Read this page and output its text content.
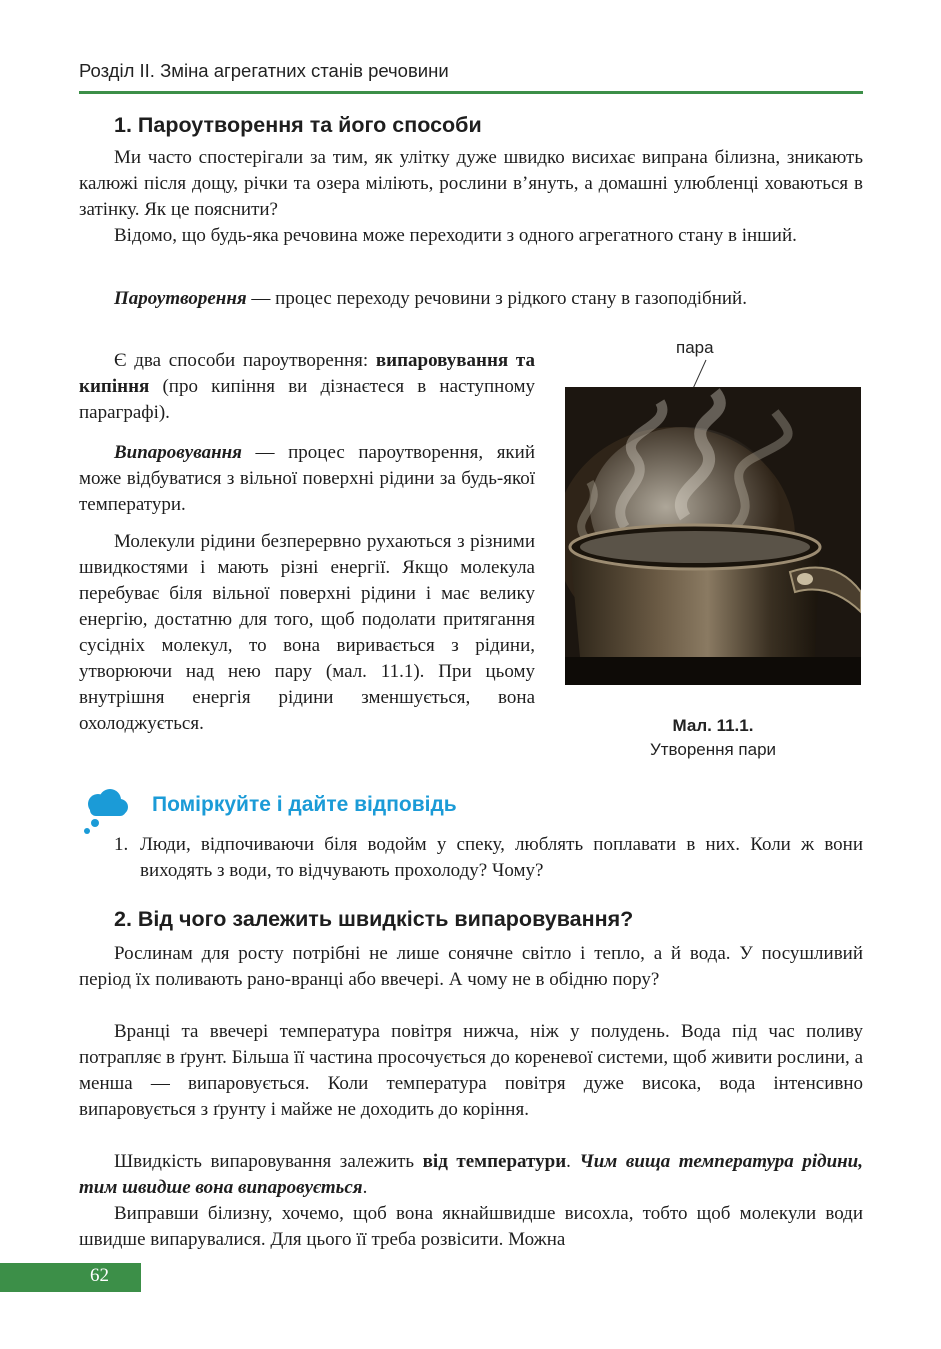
Розділ ІІ. Зміна агрегатних станів речовини
1. Пароутворення та його способи

Ми часто спостерігали за тим, як улітку дуже швидко висихає випрана білизна, зникають калюжі після дощу, річки та озера міліють, рослини в’януть, а домашні улюбленці ховаються в затінку. Як це пояснити?

Відомо, що будь-яка речовина може переходити з одного агрегатного стану в інший.

Пароутворення — процес переходу речовини з рідкого стану в газоподібний.

Є два способи пароутворення: випаровування та кипіння (про кипіння ви дізнаєтеся в наступному параграфі).

Випаровування — процес пароутворення, який може відбуватися з вільної поверхні рідини за будь-якої температури.

Молекули рідини безперервно рухаються з різними швидкостями і мають різні енергії. Якщо молекула перебуває біля вільної поверхні рідини і має велику енергію, достатню для того, щоб подолати притягання сусідніх молекул, то вона виривається з рідини, утворюючи над нею пару (мал. 11.1). При цьому внутрішня енергія рідини зменшується, вона охолоджується.

пара
Мал. 11.1.
Утворення пари
Поміркуйте і дайте відповідь
1. Люди, відпочиваючи біля водойм у спеку, люблять поплавати в них. Коли ж вони виходять з води, то відчувають прохолоду? Чому?
2. Від чого залежить швидкість випаровування?

Рослинам для росту потрібні не лише сонячне світло і тепло, а й вода. У посушливий період їх поливають рано-вранці або ввечері. А чому не в обідню пору?

Вранці та ввечері температура повітря нижча, ніж у полудень. Вода під час поливу потрапляє в ґрунт. Більша її частина просочується до кореневої системи, щоб живити рослини, а менша — випаровується. Коли температура повітря дуже висока, вода інтенсивно випаровується з ґрунту і майже не доходить до коріння.

Швидкість випаровування залежить від температури. Чим вища температура рідини, тим швидше вона випаровується.

Виправши білизну, хочемо, щоб вона якнайшвидше висохла, тобто щоб молекули води швидше випарувалися. Для цього її треба розвісити. Можна

62
